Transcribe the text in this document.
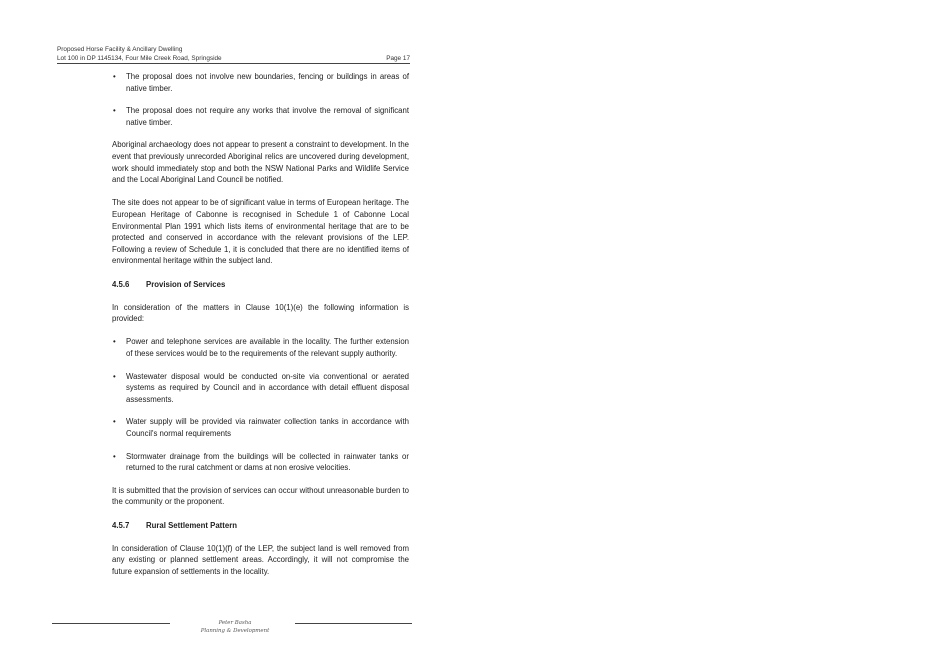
Proposed Horse Facility & Ancillary Dwelling
Lot 100 in DP 1145134, Four Mile Creek Road, Springside	Page 17
• The proposal does not involve new boundaries, fencing or buildings in areas of native timber.
• The proposal does not require any works that involve the removal of significant native timber.

Aboriginal archaeology does not appear to present a constraint to development. In the event that previously unrecorded Aboriginal relics are uncovered during development, work should immediately stop and both the NSW National Parks and Wildlife Service and the Local Aboriginal Land Council be notified.

The site does not appear to be of significant value in terms of European heritage. The European Heritage of Cabonne is recognised in Schedule 1 of Cabonne Local Environmental Plan 1991 which lists items of environmental heritage that are to be protected and conserved in accordance with the relevant provisions of the LEP. Following a review of Schedule 1, it is concluded that there are no identified items of environmental heritage within the subject land.

4.5.6	Provision of Services

In consideration of the matters in Clause 10(1)(e) the following information is provided:

• Power and telephone services are available in the locality. The further extension of these services would be to the requirements of the relevant supply authority.
• Wastewater disposal would be conducted on-site via conventional or aerated systems as required by Council and in accordance with detail effluent disposal assessments.
• Water supply will be provided via rainwater collection tanks in accordance with Council's normal requirements
• Stormwater drainage from the buildings will be collected in rainwater tanks or returned to the rural catchment or dams at non erosive velocities.

It is submitted that the provision of services can occur without unreasonable burden to the community or the proponent.

4.5.7	Rural Settlement Pattern

In consideration of Clause 10(1)(f) of the LEP, the subject land is well removed from any existing or planned settlement areas. Accordingly, it will not compromise the future expansion of settlements in the locality.

Peter Basha
Planning & Development
